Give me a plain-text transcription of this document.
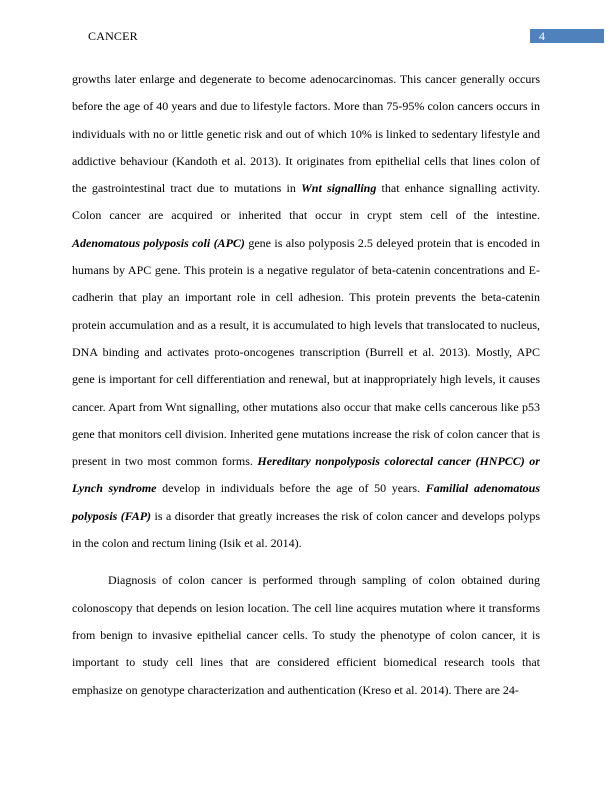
CANCER	4

growths later enlarge and degenerate to become adenocarcinomas. This cancer generally occurs before the age of 40 years and due to lifestyle factors. More than 75-95% colon cancers occurs in individuals with no or little genetic risk and out of which 10% is linked to sedentary lifestyle and addictive behaviour (Kandoth et al. 2013). It originates from epithelial cells that lines colon of the gastrointestinal tract due to mutations in Wnt signalling that enhance signalling activity. Colon cancer are acquired or inherited that occur in crypt stem cell of the intestine. Adenomatous polyposis coli (APC) gene is also polyposis 2.5 deleyed protein that is encoded in humans by APC gene. This protein is a negative regulator of beta-catenin concentrations and E-cadherin that play an important role in cell adhesion. This protein prevents the beta-catenin protein accumulation and as a result, it is accumulated to high levels that translocated to nucleus, DNA binding and activates proto-oncogenes transcription (Burrell et al. 2013). Mostly, APC gene is important for cell differentiation and renewal, but at inappropriately high levels, it causes cancer. Apart from Wnt signalling, other mutations also occur that make cells cancerous like p53 gene that monitors cell division. Inherited gene mutations increase the risk of colon cancer that is present in two most common forms. Hereditary nonpolyposis colorectal cancer (HNPCC) or Lynch syndrome develop in individuals before the age of 50 years. Familial adenomatous polyposis (FAP) is a disorder that greatly increases the risk of colon cancer and develops polyps in the colon and rectum lining (Isik et al. 2014).

Diagnosis of colon cancer is performed through sampling of colon obtained during colonoscopy that depends on lesion location. The cell line acquires mutation where it transforms from benign to invasive epithelial cancer cells. To study the phenotype of colon cancer, it is important to study cell lines that are considered efficient biomedical research tools that emphasize on genotype characterization and authentication (Kreso et al. 2014). There are 24-
